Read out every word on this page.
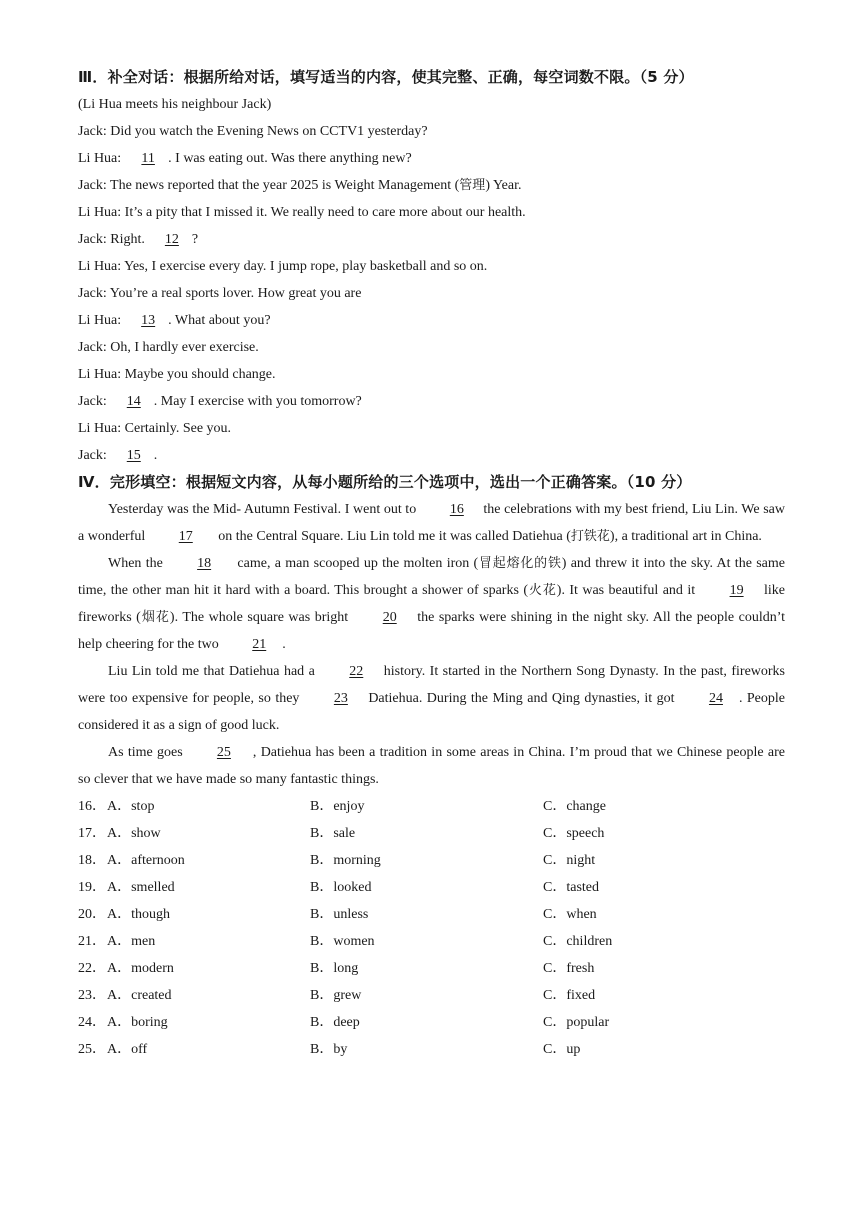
Ⅲ．补全对话：根据所给对话，填写适当的内容，使其完整、正确，每空词数不限。（5 分）
(Li Hua meets his neighbour Jack)
Jack: Did you watch the Evening News on CCTV1 yesterday?
Li Hua:  11 . I was eating out. Was there anything new?
Jack: The news reported that the year 2025 is Weight Management (管理) Year.
Li Hua: It’s a pity that I missed it. We really need to care more about our health.
Jack: Right.  12 ?
Li Hua: Yes, I exercise every day. I jump rope, play basketball and so on.
Jack: You’re a real sports lover. How great you are
Li Hua:  13 . What about you?
Jack: Oh, I hardly ever exercise.
Li Hua: Maybe you should change.
Jack:  14 . May I exercise with you tomorrow?
Li Hua: Certainly. See you.
Jack:  15 .
Ⅳ．完形填空：根据短文内容，从每小题所给的三个选项中，选出一个正确答案。（10 分）

Yesterday was the Mid- Autumn Festival. I went out to 16 the celebrations with my best friend, Liu Lin. We saw a wonderful 17 on the Central Square. Liu Lin told me it was called Datiehua (打铁花), a traditional art in China.

When the 18 came, a man scooped up the molten iron (冒起熔化的铁) and threw it into the sky. At the same time, the other man hit it hard with a board. This brought a shower of sparks (火花). It was beautiful and it 19 like fireworks (烟花). The whole square was bright 20 the sparks were shining in the night sky. All the people couldn’t help cheering for the two 21 .

Liu Lin told me that Datiehua had a 22 history. It started in the Northern Song Dynasty. In the past, fireworks were too expensive for people, so they 23 Datiehua. During the Ming and Qing dynasties, it got 24 . People considered it as a sign of good luck.

As time goes 25 , Datiehua has been a tradition in some areas in China. I’m proud that we Chinese people are so clever that we have made so many fantastic things.

16． A．stop	B．enjoy	C．change
17． A．show	B．sale	C．speech
18． A．afternoon	B．morning	C．night
19． A．smelled	B．looked	C．tasted
20． A．though	B．unless	C．when
21． A．men	B．women	C．children
22． A．modern	B．long	C．fresh
23． A．created	B．grew	C．fixed
24． A．boring	B．deep	C．popular
25． A．off	B．by	C．up
